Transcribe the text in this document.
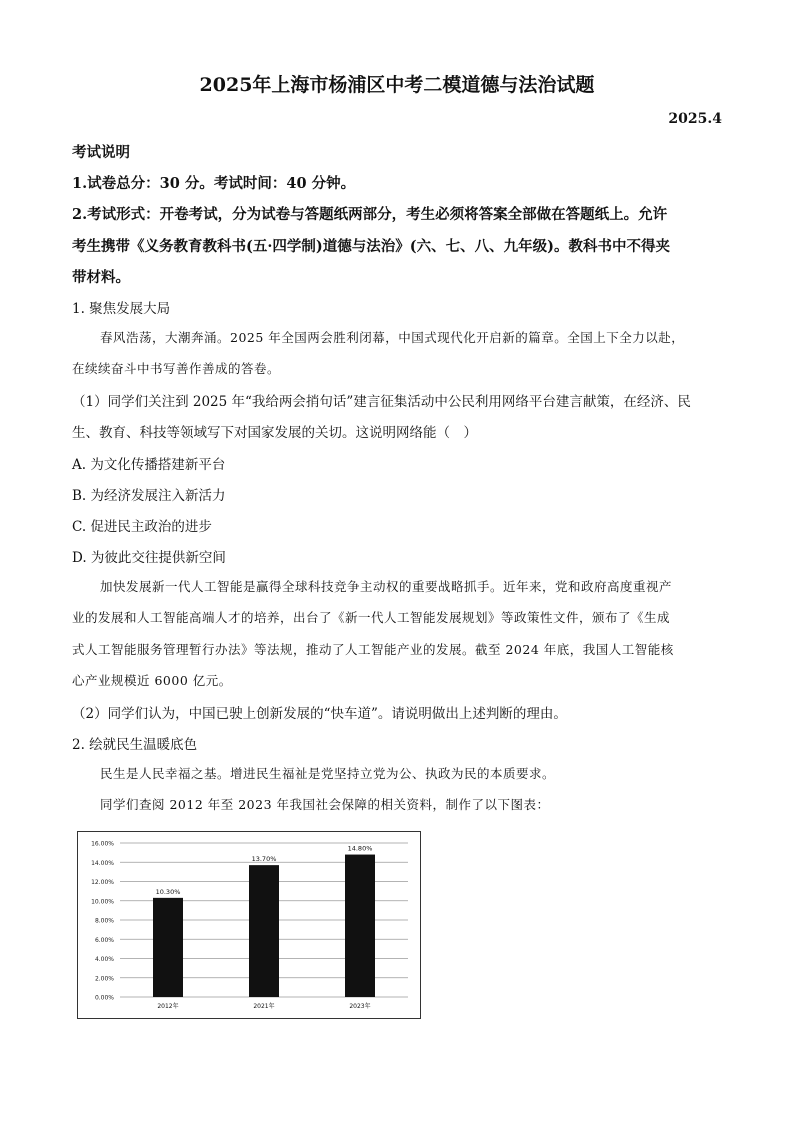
2025年上海市杨浦区中考二模道德与法治试题
2025.4
考试说明
1.试卷总分：30 分。考试时间：40 分钟。
2.考试形式：开卷考试，分为试卷与答题纸两部分，考生必须将答案全部做在答题纸上。允许
考生携带《义务教育教科书(五·四学制)道德与法治》(六、七、八、九年级)。教科书中不得夹
带材料。
1. 聚焦发展大局
春风浩荡，大潮奔涌。2025 年全国两会胜利闭幕，中国式现代化开启新的篇章。全国上下全力以赴，
在续续奋斗中书写善作善成的答卷。
（1）同学们关注到 2025 年“我给两会捎句话”建言征集活动中公民利用网络平台建言献策，在经济、民
生、教育、科技等领域写下对国家发展的关切。这说明网络能（　）
A. 为文化传播搭建新平台
B. 为经济发展注入新活力
C. 促进民主政治的进步
D. 为彼此交往提供新空间
加快发展新一代人工智能是赢得全球科技竞争主动权的重要战略抓手。近年来，党和政府高度重视产
业的发展和人工智能高端人才的培养，出台了《新一代人工智能发展规划》等政策性文件，颁布了《生成
式人工智能服务管理暂行办法》等法规，推动了人工智能产业的发展。截至 2024 年底，我国人工智能核
心产业规模近 6000 亿元。
（2）同学们认为，中国已驶上创新发展的“快车道”。请说明做出上述判断的理由。
2. 绘就民生温暖底色
民生是人民幸福之基。增进民生福祉是党坚持立党为公、执政为民的本质要求。
同学们查阅 2012 年至 2023 年我国社会保障的相关资料，制作了以下图表：
0.00%
2.00%
4.00%
6.00%
8.00%
10.00%
12.00%
14.00%
16.00%
10.30%
2012年
13.70%
2021年
14.80%
2023年
